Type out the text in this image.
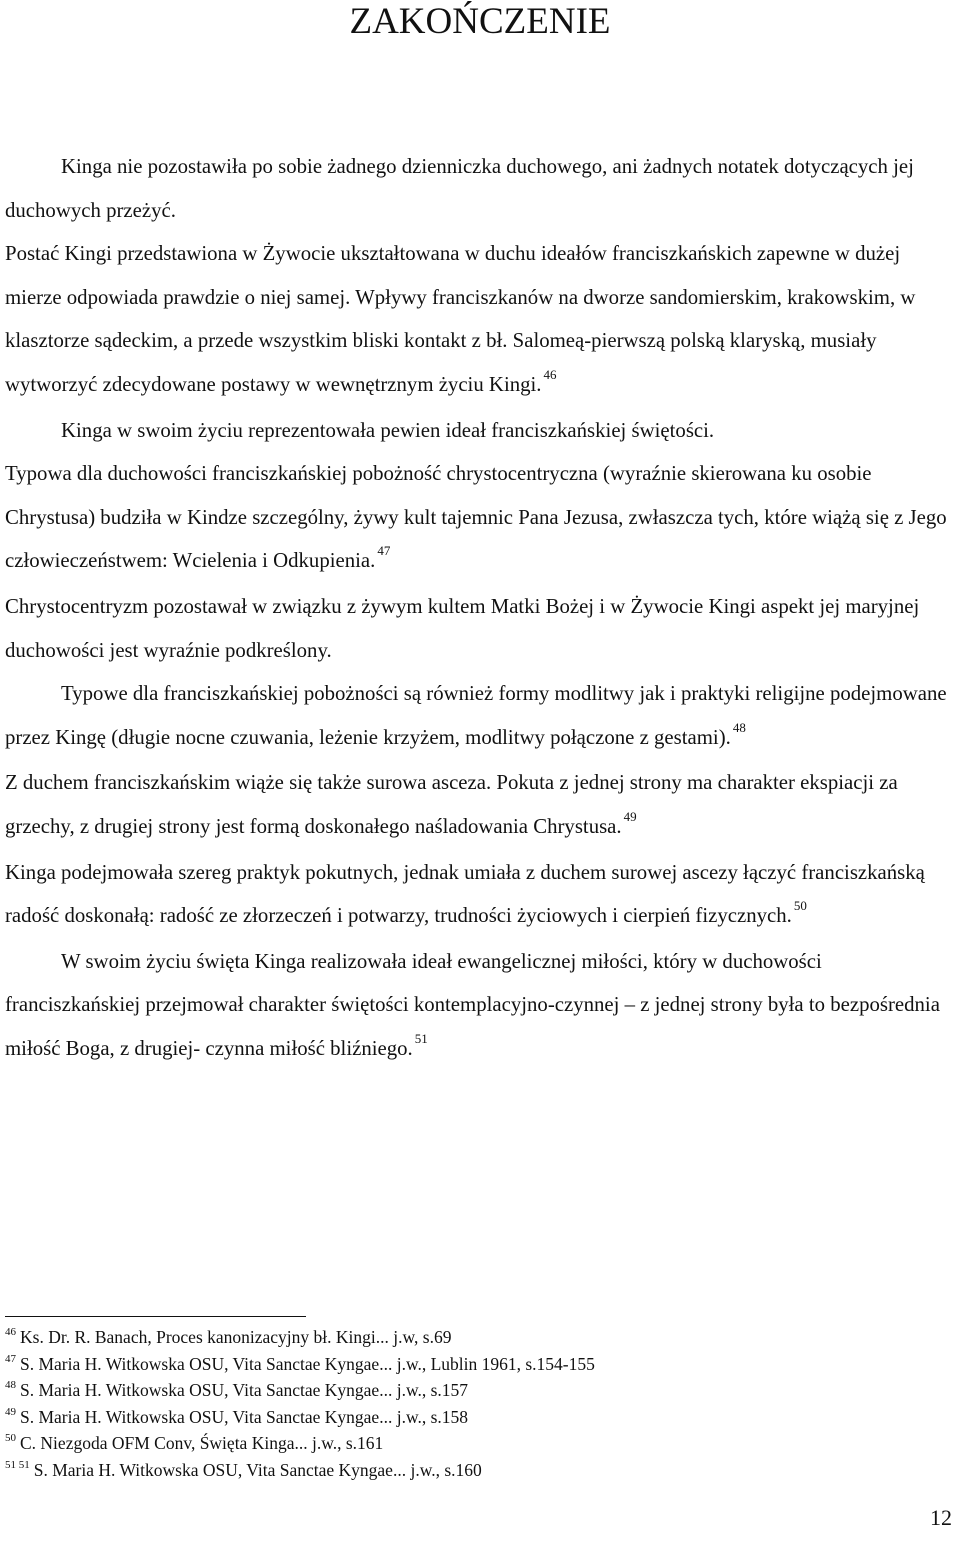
ZAKOŃCZENIE

Kinga nie pozostawiła po sobie żadnego dzienniczka duchowego, ani żadnych notatek dotyczących jej duchowych przeżyć.

Postać Kingi przedstawiona w Żywocie ukształtowana w duchu ideałów franciszkańskich zapewne w dużej mierze odpowiada prawdzie o niej samej. Wpływy franciszkanów na dworze sandomierskim, krakowskim, w klasztorze sądeckim, a przede wszystkim bliski kontakt z bł. Salomeą-pierwszą polską klaryską, musiały wytworzyć zdecydowane postawy w wewnętrznym życiu Kingi. $^{46}$

Kinga w swoim życiu reprezentowała pewien ideał franciszkańskiej świętości.

Typowa dla duchowości franciszkańskiej pobożność chrystocentryczna (wyraźnie skierowana ku osobie Chrystusa) budziła w Kindze szczególny, żywy kult tajemnic Pana Jezusa, zwłaszcza tych, które wiążą się z Jego człowieczeństwem: Wcielenia i Odkupienia. $^{47}$

Chrystocentryzm pozostawał w związku z żywym kultem Matki Bożej i w Żywocie Kingi aspekt jej maryjnej duchowości jest wyraźnie podkreślony.

Typowe dla franciszkańskiej pobożności są również formy modlitwy jak i praktyki religijne podejmowane przez Kingę (długie nocne czuwania, leżenie krzyżem, modlitwy połączone z gestami). $^{48}$

Z duchem franciszkańskim wiąże się także surowa asceza. Pokuta z jednej strony ma charakter ekspiacji za grzechy, z drugiej strony jest formą doskonałego naśladowania Chrystusa. $^{49}$

Kinga podejmowała szereg praktyk pokutnych, jednak umiała z duchem surowej ascezy łączyć franciszkańską radość doskonałą: radość ze złorzeczeń i potwarzy, trudności życiowych i cierpień fizycznych. $^{50}$

W swoim życiu święta Kinga realizowała ideał ewangelicznej miłości, który w duchowości franciszkańskiej przejmował charakter świętości kontemplacyjno-czynnej – z jednej strony była to bezpośrednia miłość Boga, z drugiej- czynna miłość bliźniego. $^{51}$

$^{46}$ Ks. Dr. R. Banach, Proces kanonizacyjny bł. Kingi... j.w, s.69

$^{47}$ S. Maria H. Witkowska OSU, Vita Sanctae Kyngae... j.w., Lublin 1961, s.154-155

$^{48}$ S. Maria H. Witkowska OSU, Vita Sanctae Kyngae... j.w., s.157

$^{49}$ S. Maria H. Witkowska OSU, Vita Sanctae Kyngae... j.w., s.158

$^{50}$ C. Niezgoda OFM Conv, Święta Kinga... j.w., s.161

$^{51 51}$ S. Maria H. Witkowska OSU, Vita Sanctae Kyngae... j.w., s.160

12
